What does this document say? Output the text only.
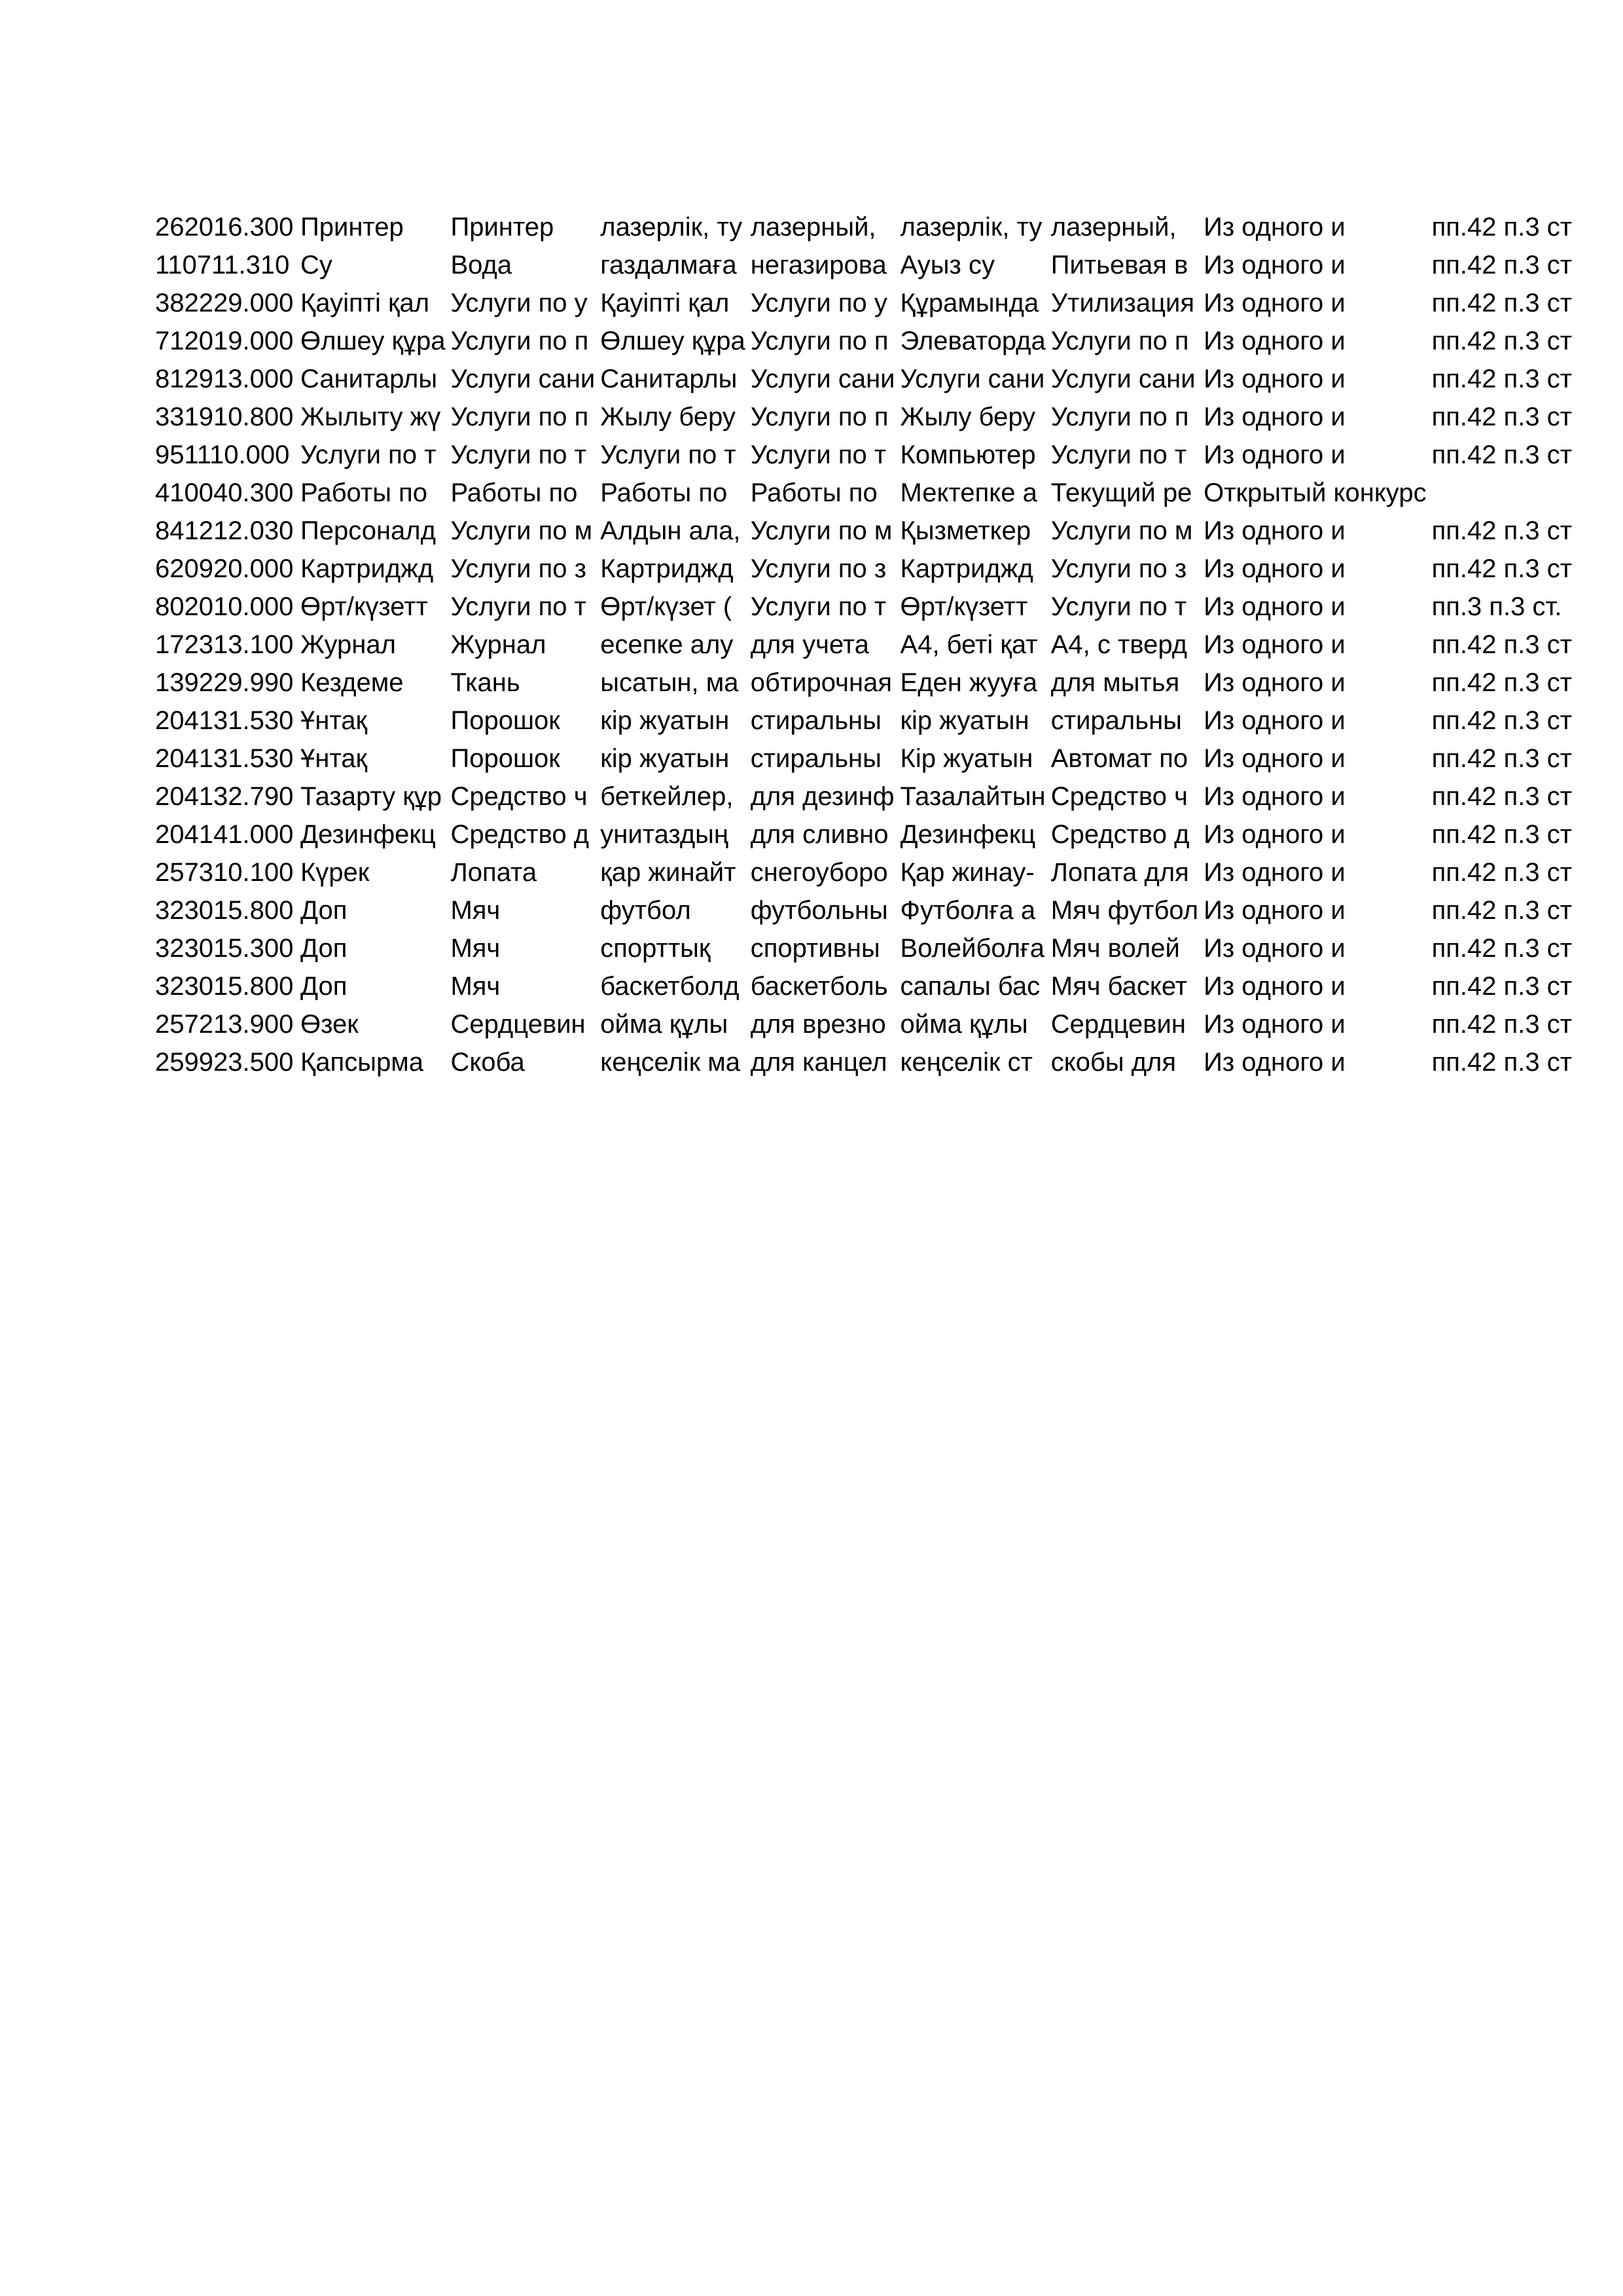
262016.300	Принтер	Принтер	лазерлік, ту	лазерный,	лазерлік, ту	лазерный,	Из одного и	пп.42 п.3 ст

110711.310	Су	Вода	газдалмаға	негазирова	Ауыз су	Питьевая в	Из одного и	пп.42 п.3 ст

382229.000	Қауіпті қал	Услуги по у	Қауіпті қал	Услуги по у	Құрамында	Утилизация	Из одного и	пп.42 п.3 ст

712019.000	Өлшеу құра	Услуги по п	Өлшеу құра	Услуги по п	Элеваторда	Услуги по п	Из одного и	пп.42 п.3 ст

812913.000	Санитарлы	Услуги сани	Санитарлы	Услуги сани	Услуги сани	Услуги сани	Из одного и	пп.42 п.3 ст

331910.800	Жылыту жү	Услуги по п	Жылу беру	Услуги по п	Жылу беру	Услуги по п	Из одного и	пп.42 п.3 ст

951110.000	Услуги по т	Услуги по т	Услуги по т	Услуги по т	Компьютер	Услуги по т	Из одного и	пп.42 п.3 ст

410040.300	Работы по	Работы по	Работы по	Работы по	Мектепке а	Текущий ре	Открытый конкурс	

841212.030	Персоналд	Услуги по м	Алдын ала,	Услуги по м	Қызметкер	Услуги по м	Из одного и	пп.42 п.3 ст

620920.000	Картриджд	Услуги по з	Картриджд	Услуги по з	Картриджд	Услуги по з	Из одного и	пп.42 п.3 ст

802010.000	Өрт/күзетт	Услуги по т	Өрт/күзет (	Услуги по т	Өрт/күзетт	Услуги по т	Из одного и	пп.3 п.3 ст.

172313.100	Журнал	Журнал	есепке алу	для учета	А4, беті қат	А4, с тверд	Из одного и	пп.42 п.3 ст

139229.990	Кездеме	Ткань	ысатын, ма	обтирочная	Еден жууға	для мытья	Из одного и	пп.42 п.3 ст

204131.530	Ұнтақ	Порошок	кір жуатын	стиральны	кір жуатын	стиральны	Из одного и	пп.42 п.3 ст

204131.530	Ұнтақ	Порошок	кір жуатын	стиральны	Кір жуатын	Автомат по	Из одного и	пп.42 п.3 ст

204132.790	Тазарту құр	Средство ч	беткейлер,	для дезинф	Тазалайтын	Средство ч	Из одного и	пп.42 п.3 ст

204141.000	Дезинфекц	Средство д	унитаздың	для сливно	Дезинфекц	Средство д	Из одного и	пп.42 п.3 ст

257310.100	Күрек	Лопата	қар жинайт	снегоуборо	Қар жинау-	Лопата для	Из одного и	пп.42 п.3 ст

323015.800	Доп	Мяч	футбол	футбольны	Футболға а	Мяч футбол	Из одного и	пп.42 п.3 ст

323015.300	Доп	Мяч	спорттық	спортивны	Волейболға	Мяч волей	Из одного и	пп.42 п.3 ст

323015.800	Доп	Мяч	баскетболд	баскетболь	сапалы бас	Мяч баскет	Из одного и	пп.42 п.3 ст

257213.900	Өзек	Сердцевин	ойма құлы	для врезно	ойма құлы	Сердцевин	Из одного и	пп.42 п.3 ст

259923.500	Қапсырма	Скоба	кеңселік ма	для канцел	кеңселік ст	скобы для	Из одного и	пп.42 п.3 ст
